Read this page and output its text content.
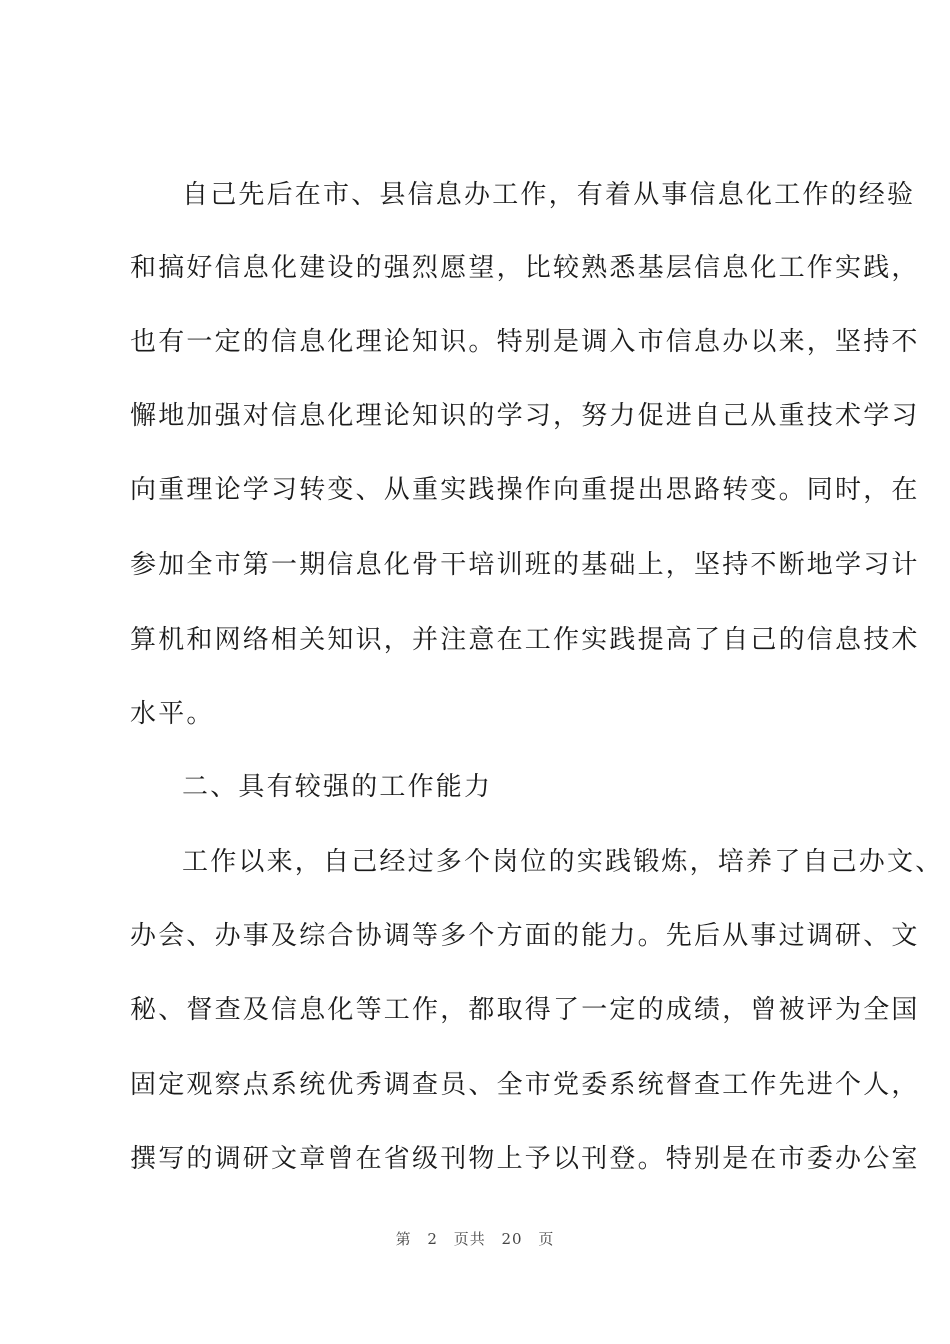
自己先后在市、县信息办工作，有着从事信息化工作的经验
和搞好信息化建设的强烈愿望，比较熟悉基层信息化工作实践，
也有一定的信息化理论知识。特别是调入市信息办以来，坚持不
懈地加强对信息化理论知识的学习，努力促进自己从重技术学习
向重理论学习转变、从重实践操作向重提出思路转变。同时，在
参加全市第一期信息化骨干培训班的基础上，坚持不断地学习计
算机和网络相关知识，并注意在工作实践提高了自己的信息技术
水平。
二、具有较强的工作能力
工作以来，自己经过多个岗位的实践锻炼，培养了自己办文、
办会、办事及综合协调等多个方面的能力。先后从事过调研、文
秘、督查及信息化等工作，都取得了一定的成绩，曾被评为全国
固定观察点系统优秀调查员、全市党委系统督查工作先进个人，
撰写的调研文章曾在省级刊物上予以刊登。特别是在市委办公室
第 2 页共 20 页
